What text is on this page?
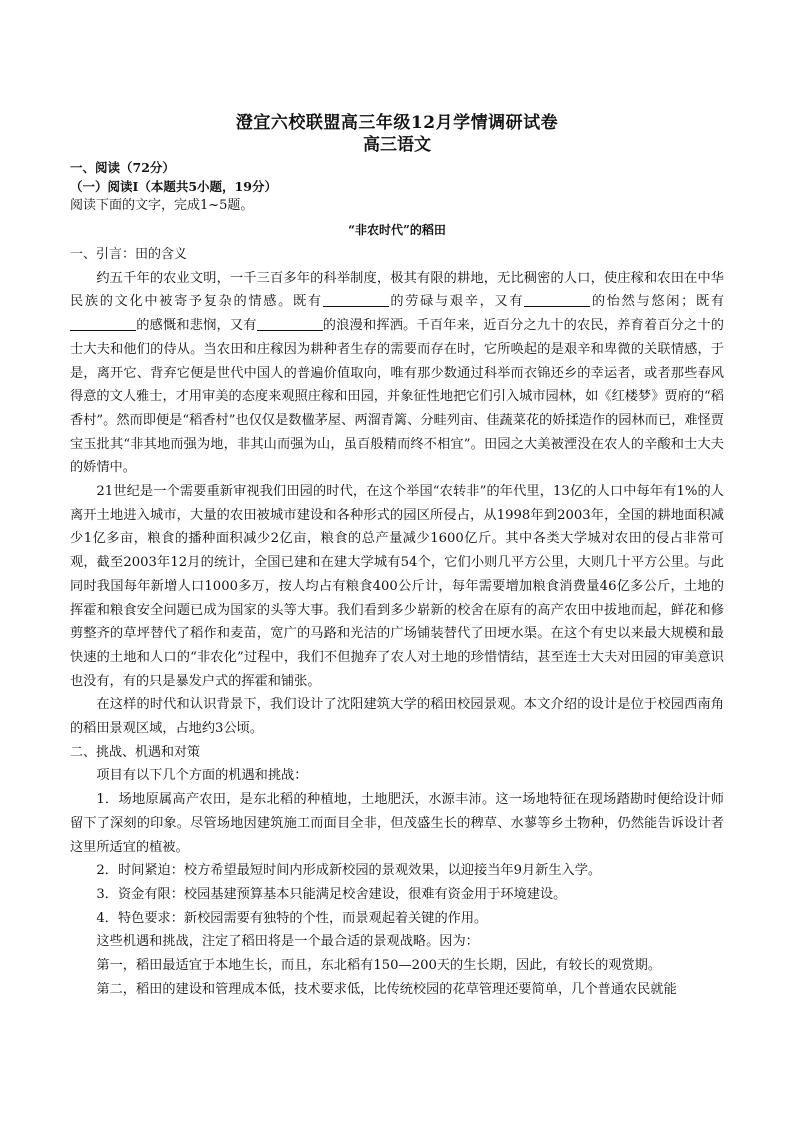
澄宜六校联盟高三年级12月学情调研试卷

高三语文

一、阅读（72分）

（一）阅读Ⅰ（本题共5小题，19分）

阅读下面的文字，完成1~5题。

“非农时代”的稻田

一、引言：田的含义

约五千年的农业文明，一千三百多年的科举制度，极其有限的耕地，无比稠密的人口，使庄稼和农田在中华民族的文化中被寄予复杂的情感。既有	的劳碌与艰辛，又有	的怡然与悠闲；既有的感慨和悲悯，又有	的浪漫和挥洒。千百年来，近百分之九十的农民，养育着百分之十的士大夫和他们的侍从。当农田和庄稼因为耕种者生存的需要而存在时，它所唤起的是艰辛和卑微的关联情感，于是，离开它、背弃它便是世代中国人的普遍价值取向，唯有那少数通过科举而衣锦还乡的幸运者，或者那些春风得意的文人雅士，才用审美的态度来观照庄稼和田园，并象征性地把它们引入城市园林，如《红楼梦》贾府的“稻香村”。然而即便是“稻香村”也仅仅是数楹茅屋、两溜青篱、分畦列亩、佳蔬菜花的娇揉造作的园林而已，难怪贾宝玉批其“非其地而强为地，非其山而强为山，虽百般精而终不相宜”。田园之大美被湮没在农人的辛酸和士大夫的娇情中。

21世纪是一个需要重新审视我们田园的时代，在这个举国“农转非”的年代里，13亿的人口中每年有1%的人离开土地进入城市，大量的农田被城市建设和各种形式的园区所侵占，从1998年到2003年，全国的耕地面积减少1亿多亩，粮食的播种面积减少2亿亩，粮食的总产量减少1600亿斤。其中各类大学城对农田的侵占非常可观，截至2003年12月的统计，全国已建和在建大学城有54个，它们小则几平方公里，大则几十平方公里。与此同时我国每年新增人口1000多万，按人均占有粮食400公斤计，每年需要增加粮食消费量46亿多公斤，土地的挥霍和粮食安全问题已成为国家的头等大事。我们看到多少崭新的校舍在原有的高产农田中拔地而起，鲜花和修剪整齐的草坪替代了稻作和麦苗，宽广的马路和光洁的广场铺装替代了田埂水渠。在这个有史以来最大规模和最快速的土地和人口的“非农化”过程中，我们不但抛弃了农人对土地的珍惜情结，甚至连士大夫对田园的审美意识也没有，有的只是暴发户式的挥霍和铺张。

在这样的时代和认识背景下，我们设计了沈阳建筑大学的稻田校园景观。本文介绍的设计是位于校园西南角的稻田景观区域，占地约3公顷。

二、挑战、机遇和对策

项目有以下几个方面的机遇和挑战：

1．场地原属高产农田，是东北稻的种植地，土地肥沃，水源丰沛。这一场地特征在现场踏勘时便给设计师留下了深刻的印象。尽管场地因建筑施工而面目全非，但茂盛生长的稗草、水蓼等乡土物种，仍然能告诉设计者这里所适宜的植被。

2．时间紧迫：校方希望最短时间内形成新校园的景观效果，以迎接当年9月新生入学。

3．资金有限：校园基建预算基本只能满足校舍建设，很难有资金用于环境建设。

4．特色要求：新校园需要有独特的个性，而景观起着关键的作用。

这些机遇和挑战，注定了稻田将是一个最合适的景观战略。因为：

第一，稻田最适宜于本地生长，而且，东北稻有150—200天的生长期，因此，有较长的观赏期。

第二，稻田的建设和管理成本低，技术要求低，比传统校园的花草管理还要简单，几个普通农民就能
